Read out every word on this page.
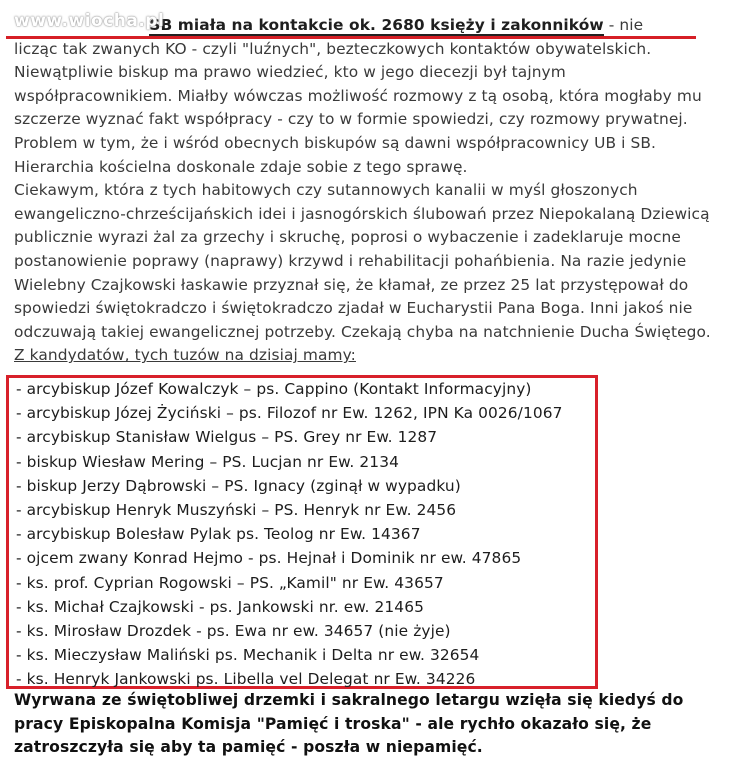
www.wiocha.pl
SB miała na kontakcie ok. 2680 księży i zakonników - nie
licząc tak zwanych KO - czyli "luźnych", bezteczkowych kontaktów obywatelskich.
Niewątpliwie biskup ma prawo wiedzieć, kto w jego diecezji był tajnym
współpracownikiem. Miałby wówczas możliwość rozmowy z tą osobą, która mogłaby mu
szczerze wyznać fakt współpracy - czy to w formie spowiedzi, czy rozmowy prywatnej.
Problem w tym, że i wśród obecnych biskupów są dawni współpracownicy UB i SB.
Hierarchia kościelna doskonale zdaje sobie z tego sprawę.
Ciekawym, która z tych habitowych czy sutannowych kanalii w myśl głoszonych
ewangeliczno-chrześcijańskich idei i jasnogórskich ślubowań przez Niepokalaną Dziewicą
publicznie wyrazi żal za grzechy i skruchę, poprosi o wybaczenie i zadeklaruje mocne
postanowienie poprawy (naprawy) krzywd i rehabilitacji pohańbienia. Na razie jedynie
Wielebny Czajkowski łaskawie przyznał się, że kłamał, ze przez 25 lat przystępował do
spowiedzi świętokradczo i świętokradczo zjadał w Eucharystii Pana Boga. Inni jakoś nie
odczuwają takiej ewangelicznej potrzeby. Czekają chyba na natchnienie Ducha Świętego.
Z kandydatów, tych tuzów na dzisiaj mamy:
- arcybiskup Józef Kowalczyk – ps. Cappino (Kontakt Informacyjny)
- arcybiskup Józej Życiński – ps. Filozof nr Ew. 1262, IPN Ka 0026/1067
- arcybiskup Stanisław Wielgus – PS. Grey nr Ew. 1287
- biskup Wiesław Mering – PS. Lucjan nr Ew. 2134
- biskup Jerzy Dąbrowski – PS. Ignacy (zginął w wypadku)
- arcybiskup Henryk Muszyński – PS. Henryk nr Ew. 2456
- arcybiskup Bolesław Pylak ps. Teolog nr Ew. 14367
- ojcem zwany Konrad Hejmo - ps. Hejnał i Dominik nr ew. 47865
- ks. prof. Cyprian Rogowski – PS. „Kamil" nr Ew. 43657
- ks. Michał Czajkowski - ps. Jankowski nr. ew. 21465
- ks. Mirosław Drozdek - ps. Ewa nr ew. 34657 (nie żyje)
- ks. Mieczysław Maliński ps. Mechanik i Delta nr ew. 32654
- ks. Henryk Jankowski ps. Libella vel Delegat nr Ew. 34226
Wyrwana ze świętobliwej drzemki i sakralnego letargu wzięła się kiedyś do
pracy Episkopalna Komisja "Pamięć i troska" - ale rychło okazało się, że
zatroszczyła się aby ta pamięć - poszła w niepamięć.
